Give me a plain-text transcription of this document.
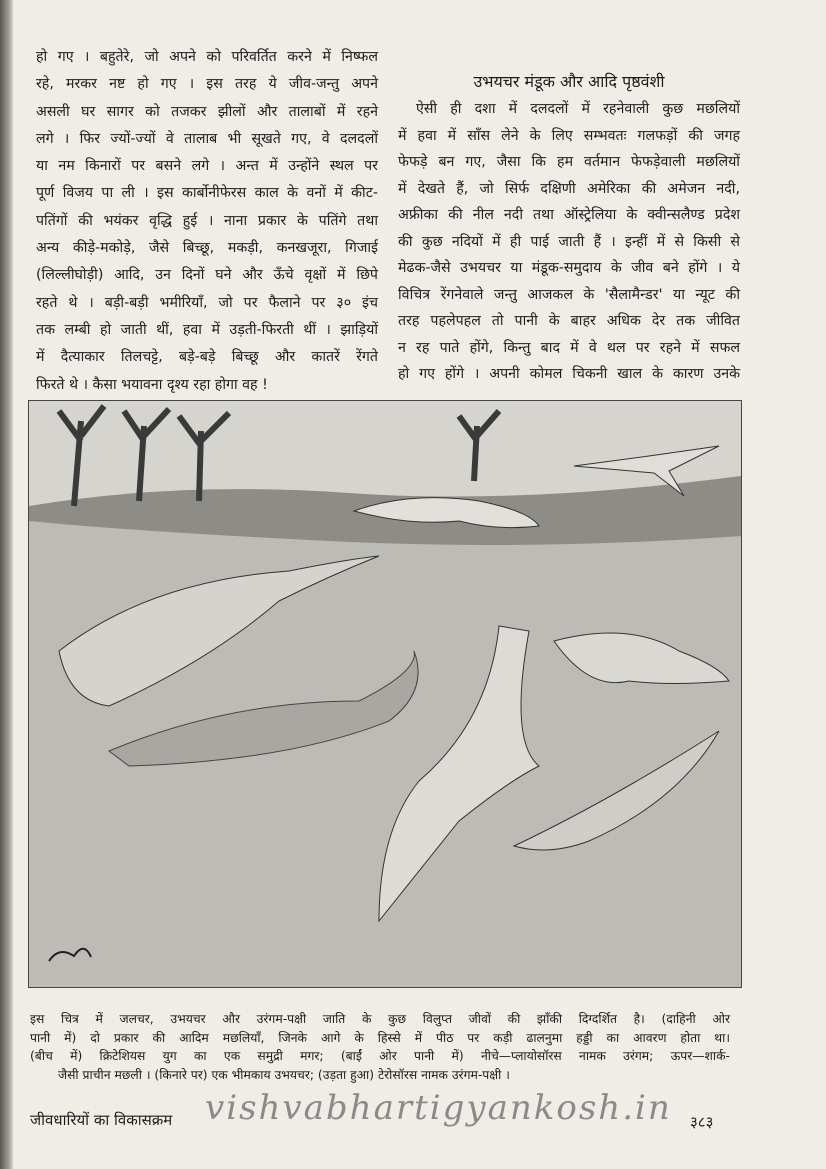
हो गए । बहुतेरे, जो अपने को परिवर्तित करने में निष्फल
रहे, मरकर नष्ट हो गए । इस तरह ये जीव-जन्तु अपने
असली घर सागर को तजकर झीलों और तालाबों में रहने
लगे । फिर ज्यों-ज्यों वे तालाब भी सूखते गए, वे दलदलों
या नम किनारों पर बसने लगे । अन्त में उन्होंने स्थल पर
पूर्ण विजय पा ली । इस कार्बोनीफेरस काल के वनों में कीट-
पतिंगों की भयंकर वृद्धि हुई । नाना प्रकार के पतिंगे तथा
अन्य कीड़े-मकोड़े, जैसे बिच्छू, मकड़ी, कनखजूरा, गिजाई
(लिल्लीघोड़ी) आदि, उन दिनों घने और ऊँचे वृक्षों में छिपे
रहते थे । बड़ी-बड़ी भमीरियाँ, जो पर फैलाने पर ३० इंच
तक लम्बी हो जाती थीं, हवा में उड़ती-फिरती थीं । झाड़ियों
में दैत्याकार तिलचट्टे, बड़े-बड़े बिच्छू और कातरें रेंगते
फिरते थे । कैसा भयावना दृश्य रहा होगा वह !
उभयचर मंडूक और आदि पृष्ठवंशी
ऐसी ही दशा में दलदलों में रहनेवाली कुछ मछलियों
में हवा में साँस लेने के लिए सम्भवतः गलफड़ों की जगह
फेफड़े बन गए, जैसा कि हम वर्तमान फेफड़ेवाली मछलियों
में देखते हैं, जो सिर्फ दक्षिणी अमेरिका की अमेजन नदी,
अफ्रीका की नील नदी तथा ऑस्ट्रेलिया के क्वीन्सलैण्ड प्रदेश
की कुछ नदियों में ही पाई जाती हैं । इन्हीं में से किसी से
मेढक-जैसे उभयचर या मंडूक-समुदाय के जीव बने होंगे । ये
विचित्र रेंगनेवाले जन्तु आजकल के 'सैलामैन्डर' या न्यूट की
तरह पहलेपहल तो पानी के बाहर अधिक देर तक जीवित
न रह पाते होंगे, किन्तु बाद में वे थल पर रहने में सफल
हो गए होंगे । अपनी कोमल चिकनी खाल के कारण उनके
इस चित्र में जलचर, उभयचर और उरंगम-पक्षी जाति के कुछ विलुप्त जीवों की झाँकी दिग्दर्शित है। (दाहिनी ओर
पानी में) दो प्रकार की आदिम मछलियाँ, जिनके आगे के हिस्से में पीठ पर कड़ी ढालनुमा हड्डी का आवरण होता था।
(बीच में) क्रिटेशियस युग का एक समुद्री मगर; (बाईं ओर पानी में) नीचे—प्लायोसॉरस नामक उरंगम; ऊपर—शार्क-
जैसी प्राचीन मछली । (किनारे पर) एक भीमकाय उभयचर; (उड़ता हुआ) टेरोसॉरस नामक उरंगम-पक्षी ।
जीवधारियों का विकासक्रम vishvabhartigyankosh.in ३८३
